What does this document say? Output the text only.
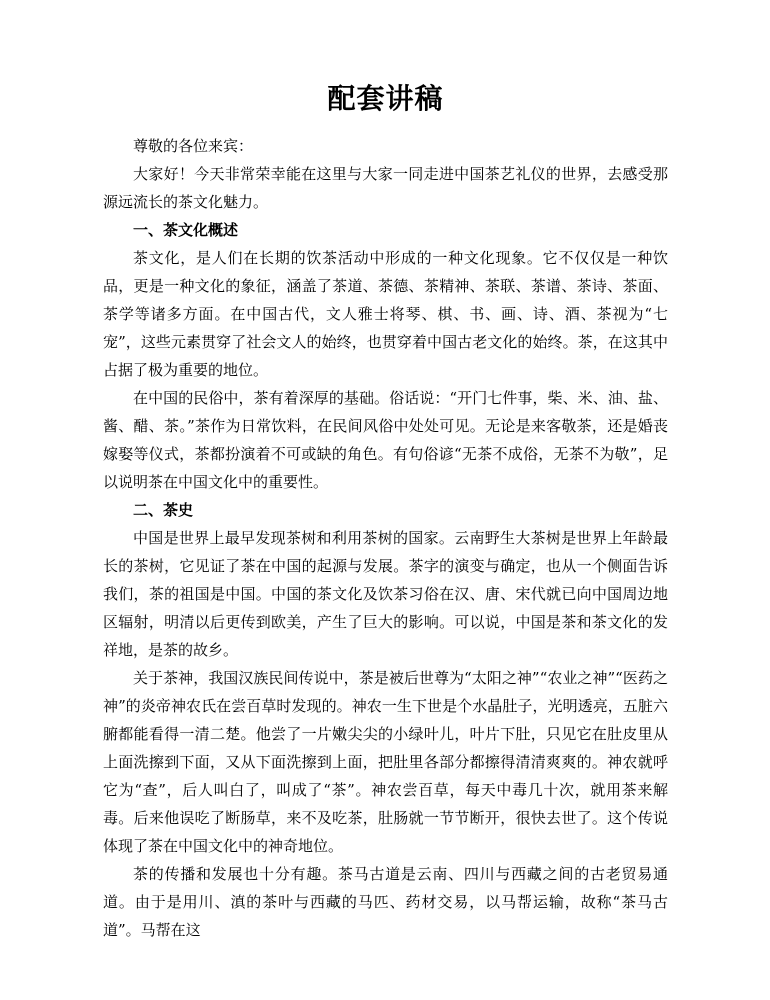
配套讲稿

尊敬的各位来宾：

大家好！今天非常荣幸能在这里与大家一同走进中国茶艺礼仪的世界，去感受那源远流长的茶文化魅力。

一、茶文化概述

茶文化，是人们在长期的饮茶活动中形成的一种文化现象。它不仅仅是一种饮品，更是一种文化的象征，涵盖了茶道、茶德、茶精神、茶联、茶谱、茶诗、茶面、茶学等诸多方面。在中国古代，文人雅士将琴、棋、书、画、诗、酒、茶视为“七宠”，这些元素贯穿了社会文人的始终，也贯穿着中国古老文化的始终。茶，在这其中占据了极为重要的地位。

在中国的民俗中，茶有着深厚的基础。俗话说：“开门七件事，柴、米、油、盐、酱、醋、茶。”茶作为日常饮料，在民间风俗中处处可见。无论是来客敬茶，还是婚丧嫁娶等仪式，茶都扮演着不可或缺的角色。有句俗谚“无茶不成俗，无茶不为敬”，足以说明茶在中国文化中的重要性。

二、茶史

中国是世界上最早发现茶树和利用茶树的国家。云南野生大茶树是世界上年龄最长的茶树，它见证了茶在中国的起源与发展。茶字的演变与确定，也从一个侧面告诉我们，茶的祖国是中国。中国的茶文化及饮茶习俗在汉、唐、宋代就已向中国周边地区辐射，明清以后更传到欧美，产生了巨大的影响。可以说，中国是茶和茶文化的发祥地，是茶的故乡。

关于茶神，我国汉族民间传说中，茶是被后世尊为“太阳之神”“农业之神”“医药之神”的炎帝神农氏在尝百草时发现的。神农一生下世是个水晶肚子，光明透亮，五脏六腑都能看得一清二楚。他尝了一片嫩尖尖的小绿叶儿，叶片下肚，只见它在肚皮里从上面洗擦到下面，又从下面洗擦到上面，把肚里各部分都擦得清清爽爽的。神农就呼它为“查”，后人叫白了，叫成了“茶”。神农尝百草，每天中毒几十次，就用茶来解毒。后来他误吃了断肠草，来不及吃茶，肚肠就一节节断开，很快去世了。这个传说体现了茶在中国文化中的神奇地位。

茶的传播和发展也十分有趣。茶马古道是云南、四川与西藏之间的古老贸易通道。由于是用川、滇的茶叶与西藏的马匹、药材交易，以马帮运输，故称“茶马古道”。马帮在这
